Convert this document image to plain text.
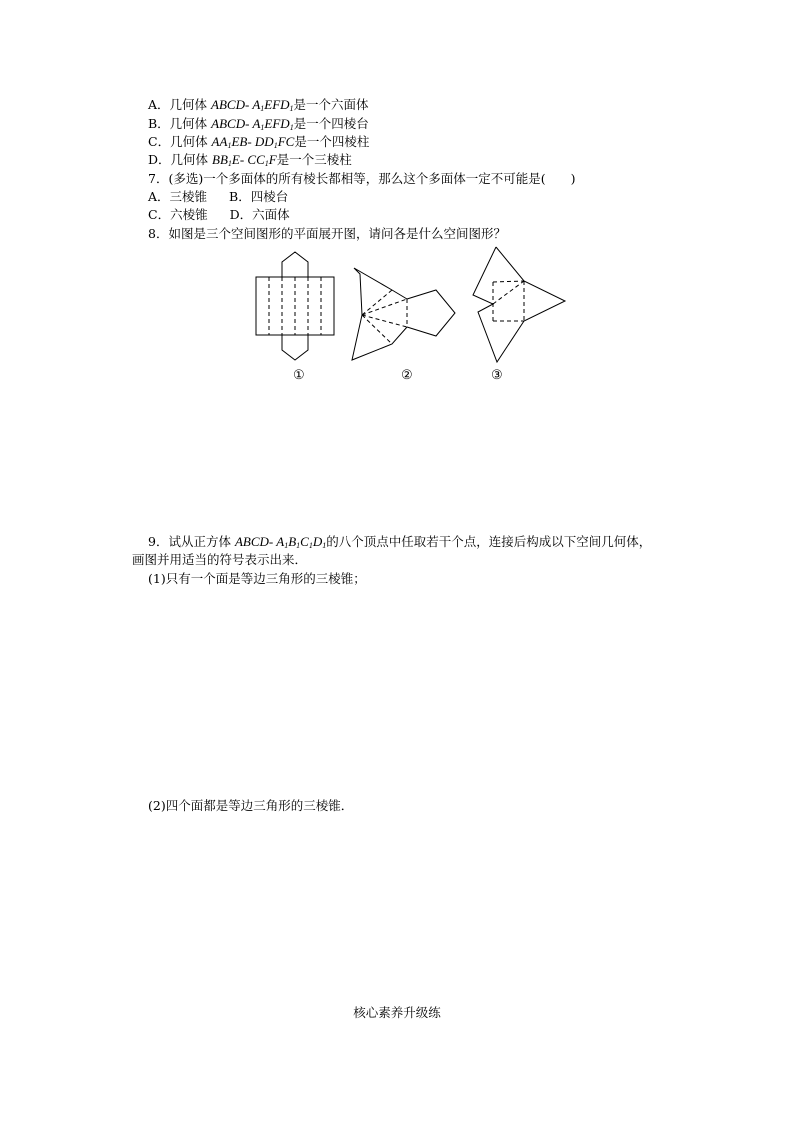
A．几何体 ABCD- $A_1EFD_1$是一个六面体
B．几何体 ABCD- $A_1EFD_1$是一个四棱台
C．几何体 $AA_1EB-$ $DD_1FC$是一个四棱柱
D．几何体 $BB_1E-$ $CC_1F$是一个三棱柱
7．(多选)一个多面体的所有棱长都相等，那么这个多面体一定不可能是(　　)
A．三棱锥 B．四棱台
C．六棱锥 D．六面体
8．如图是三个空间图形的平面展开图，请问各是什么空间图形？
①	②	③
9．试从正方体 ABCD- $A_1B_1C_1D_1$的八个顶点中任取若干个点，连接后构成以下空间几何体，
画图并用适当的符号表示出来．
(1)只有一个面是等边三角形的三棱锥；
(2)四个面都是等边三角形的三棱锥．
核心素养升级练
